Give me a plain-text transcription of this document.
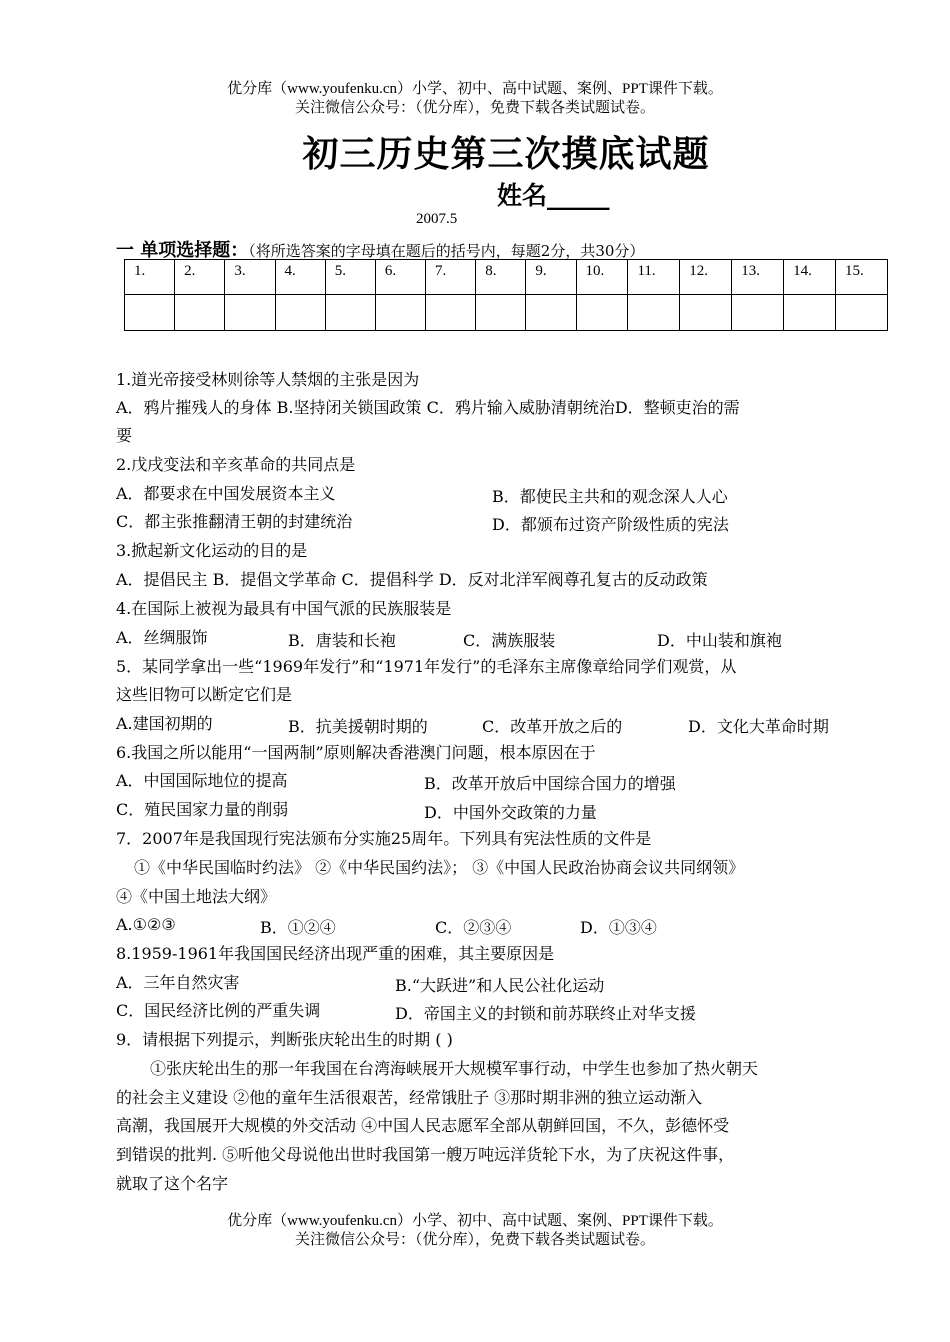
优分库（www.youfenku.cn）小学、初中、高中试题、案例、PPT课件下载。
关注微信公众号：（优分库），免费下载各类试题试卷。
初三历史第三次摸底试题
姓名_____
2007.5
一 单项选择题：（将所选答案的字母填在题后的括号内，每题2分，共30分）
1.	2.	3.	4.	5.	6.	7.	8.	9.	10.	11.	12.	13.	14.	15.

1.道光帝接受林则徐等人禁烟的主张是因为
A．鸦片摧残人的身体 B.坚持闭关锁国政策 C．鸦片输入威胁清朝统治D．整顿吏治的需
要
2.戊戌变法和辛亥革命的共同点是
A．都要求在中国发展资本主义	B．都使民主共和的观念深人人心
C．都主张推翻清王朝的封建统治	D．都颁布过资产阶级性质的宪法
3.掀起新文化运动的目的是
A．提倡民主 B．提倡文学革命 C．提倡科学 D．反对北洋军阀尊孔复古的反动政策
4.在国际上被视为最具有中国气派的民族服装是
A．丝绸服饰	B．唐装和长袍	C．满族服装	D．中山装和旗袍
5．某同学拿出一些“1969年发行”和“1971年发行”的毛泽东主席像章给同学们观赏，从
这些旧物可以断定它们是
A.建国初期的	B．抗美援朝时期的	C．改革开放之后的	D．文化大革命时期
6.我国之所以能用“一国两制”原则解决香港澳门问题，根本原因在于
A．中国国际地位的提高	B．改革开放后中国综合国力的增强
C．殖民国家力量的削弱	D．中国外交政策的力量
7．2007年是我国现行宪法颁布分实施25周年。下列具有宪法性质的文件是
①《中华民国临时约法》 ②《中华民国约法》； ③《中国人民政治协商会议共同纲领》
④《中国土地法大纲》
A.①②③	B．①②④	C．②③④	D．①③④
8.1959-1961年我国国民经济出现严重的困难，其主要原因是
A．三年自然灾害	B.“大跃进”和人民公社化运动
C．国民经济比例的严重失调	D．帝国主义的封锁和前苏联终止对华支援
9．请根据下列提示，判断张庆轮出生的时期 ( )
①张庆轮出生的那一年我国在台湾海峡展开大规模军事行动，中学生也参加了热火朝天
的社会主义建设 ②他的童年生活很艰苦，经常饿肚子 ③那时期非洲的独立运动渐入
高潮，我国展开大规模的外交活动 ④中国人民志愿军全部从朝鲜回国，不久，彭德怀受
到错误的批判. ⑤听他父母说他出世时我国第一艘万吨远洋货轮下水，为了庆祝这件事，
就取了这个名字
优分库（www.youfenku.cn）小学、初中、高中试题、案例、PPT课件下载。
关注微信公众号：（优分库），免费下载各类试题试卷。
